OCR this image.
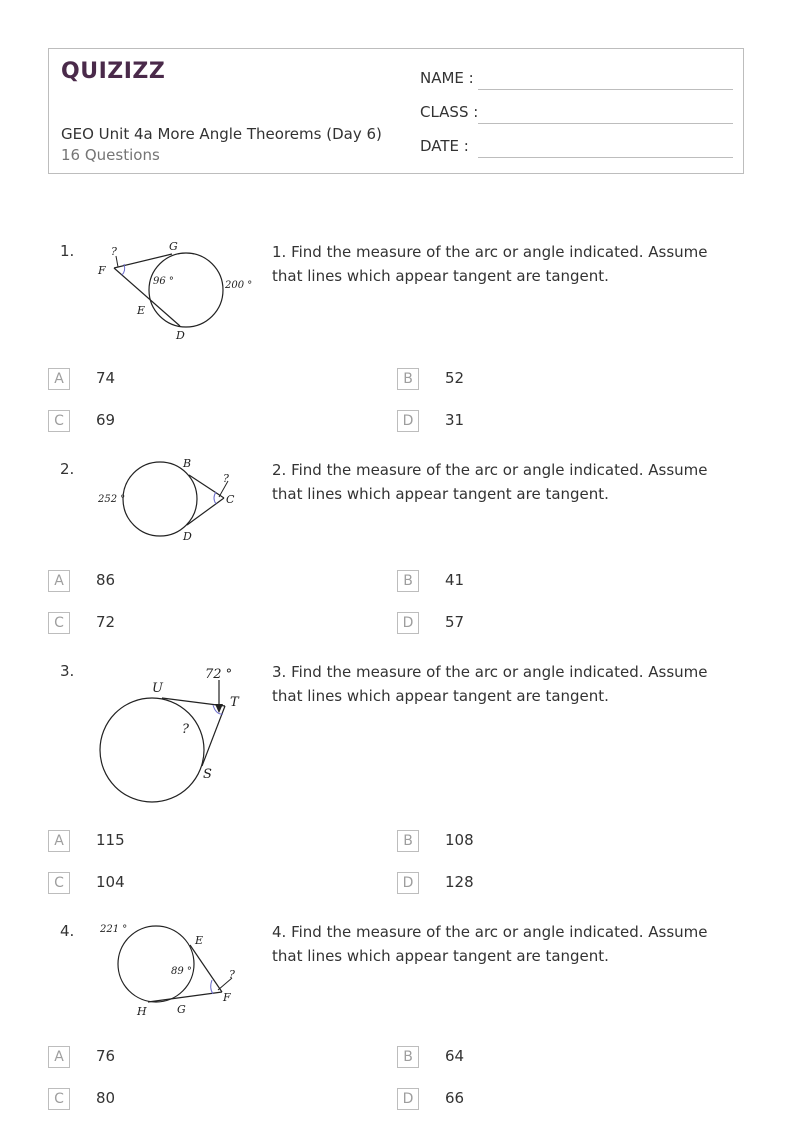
QUIZIZZ
GEO Unit 4a More Angle Theorems (Day 6)
16 Questions
NAME :
CLASS :
DATE :
1.	?	G
F
96 °	200 °
E
D
1. Find the measure of the arc or angle indicated. Assume that lines which appear tangent are tangent.
A	74	B	52
C	69	D	31
2.	B
?
252 °	C
D
2. Find the measure of the arc or angle indicated. Assume that lines which appear tangent are tangent.
A	86	B	41
C	72	D	57
3.	72 °
U
T
?
S
3. Find the measure of the arc or angle indicated. Assume that lines which appear tangent are tangent.
A	115	B	108
C	104	D	128
4.	221 °
E
89 °	?
F
H	G
4. Find the measure of the arc or angle indicated. Assume that lines which appear tangent are tangent.
A	76	B	64
C	80	D	66
